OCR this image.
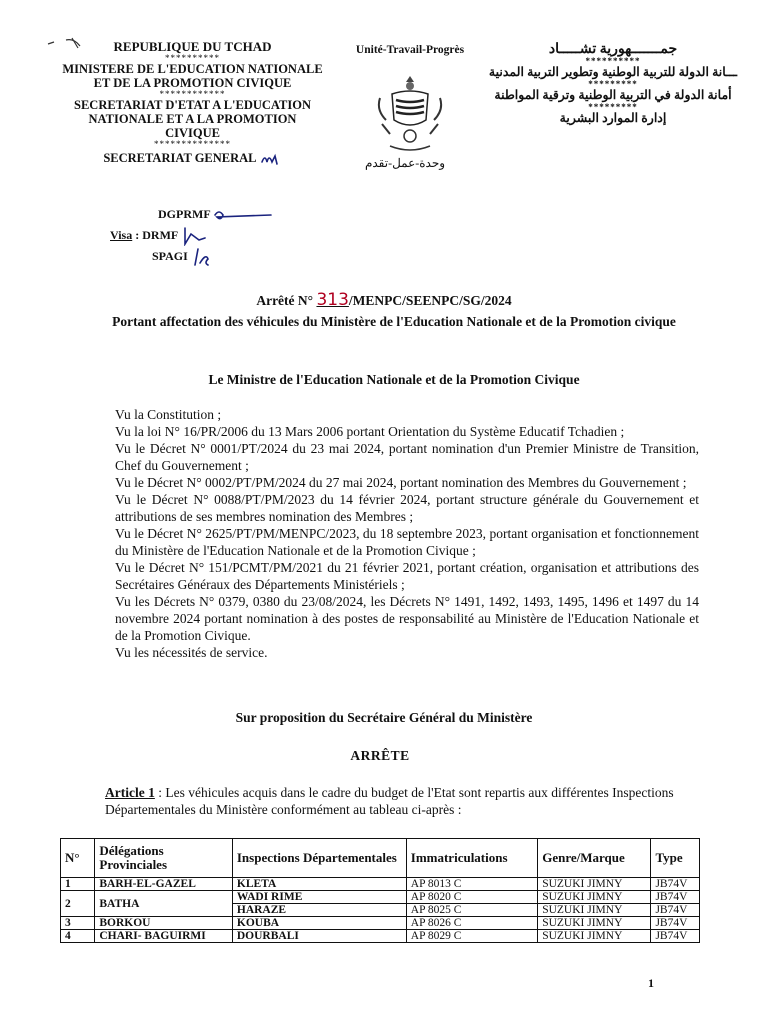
REPUBLIQUE DU TCHAD
**********
MINISTERE DE L'EDUCATION NATIONALE
ET DE LA PROMOTION CIVIQUE
************
SECRETARIAT D'ETAT A L'EDUCATION
NATIONALE ET A LA PROMOTION CIVIQUE
**************
SECRETARIAT GENERAL
Unité-Travail-Progrès
وحدة-عمل-تقدم
جمـــــــهورية تشـــــاد
**********
ـــانة الدولة للتربية الوطنية وتطوير التربية المدنية
*********
أمانة الدولة في التربية الوطنية وترقية المواطنة
*********
إدارة الموارد البشرية
DGPRMF
Visa : DRMF
SPAGI
Arrêté N° 313/MENPC/SEENPC/SG/2024
Portant affectation des véhicules du Ministère de l'Education Nationale et de la Promotion civique
Le Ministre de l'Education Nationale et de la Promotion Civique

Vu la Constitution ;

Vu la loi N° 16/PR/2006 du 13 Mars 2006 portant Orientation du Système Educatif Tchadien ;

Vu le Décret N° 0001/PT/2024 du 23 mai 2024, portant nomination d'un Premier Ministre de Transition, Chef du Gouvernement ;

Vu le Décret N° 0002/PT/PM/2024 du 27 mai 2024, portant nomination des Membres du Gouvernement ;

Vu le Décret N° 0088/PT/PM/2023 du 14 février 2024, portant structure générale du Gouvernement et attributions de ses membres nomination des Membres ;

Vu le Décret N° 2625/PT/PM/MENPC/2023, du 18 septembre 2023, portant organisation et fonctionnement du Ministère de l'Education Nationale et de la Promotion Civique ;

Vu le Décret N° 151/PCMT/PM/2021 du 21 février 2021, portant création, organisation et attributions des Secrétaires Généraux des Départements Ministériels ;

Vu les Décrets N° 0379, 0380 du 23/08/2024, les Décrets N° 1491, 1492, 1493, 1495, 1496 et 1497 du 14 novembre 2024 portant nomination à des postes de responsabilité au Ministère de l'Education Nationale et de la Promotion Civique.

Vu les nécessités de service.

Sur proposition du Secrétaire Général du Ministère
ARRÊTE
Article 1 : Les véhicules acquis dans le cadre du budget de l'Etat sont repartis aux différentes Inspections Départementales du Ministère conformément au tableau ci-après :
N°	Délégations Provinciales	Inspections Départementales	Immatriculations	Genre/Marque	Type
1	BARH-EL-GAZEL	KLETA	AP 8013 C	SUZUKI JIMNY	JB74V
2	BATHA	WADI RIME	AP 8020 C	SUZUKI JIMNY	JB74V
		HARAZE	AP 8025 C	SUZUKI JIMNY	JB74V
3	BORKOU	KOUBA	AP 8026 C	SUZUKI JIMNY	JB74V
4	CHARI- BAGUIRMI	DOURBALI	AP 8029 C	SUZUKI JIMNY	JB74V
1
